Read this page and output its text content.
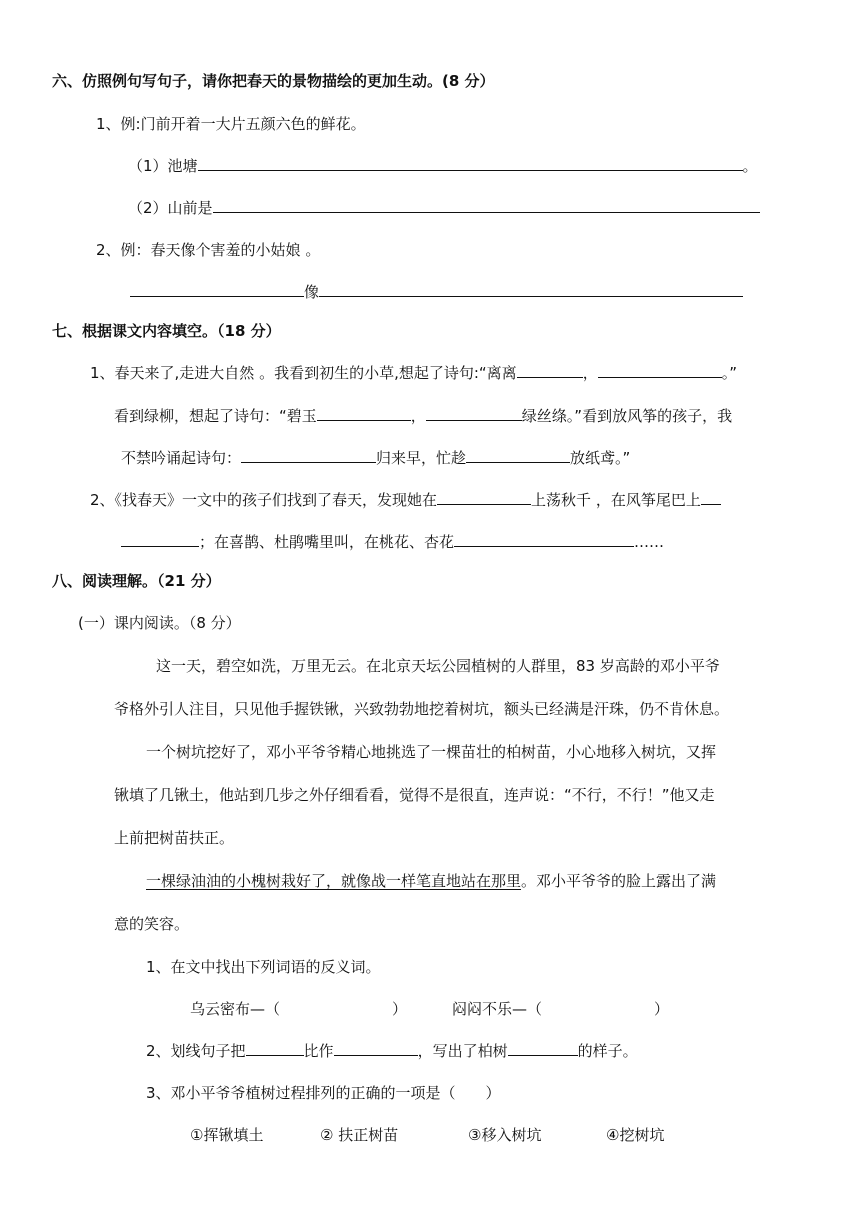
六、仿照例句写句子，请你把春天的景物描绘的更加生动。(8 分）
1、例:门前开着一大片五颜六色的鲜花。
（1）池塘	。
（2）山前是
2、例：春天像个害羞的小姑娘 。
像
七、根据课文内容填空。（18 分）
1、春天来了,走进大自然 。我看到初生的小草,想起了诗句:“离离	，	。”
看到绿柳，想起了诗句：“碧玉	，	绿丝绦。”看到放风筝的孩子，我
不禁吟诵起诗句：	归来早，忙趁	放纸鸢。”
2、《找春天》一文中的孩子们找到了春天，发现她在	上荡秋千 ，在风筝尾巴上
；在喜鹊、杜鹃嘴里叫，在桃花、杏花	……
八、阅读理解。（21 分）
(一）课内阅读。（8 分）
这一天，碧空如洗，万里无云。在北京天坛公园植树的人群里，83 岁高龄的邓小平爷
爷格外引人注目，只见他手握铁锹，兴致勃勃地挖着树坑，额头已经满是汗珠，仍不肯休息。
一个树坑挖好了，邓小平爷爷精心地挑选了一棵苗壮的柏树苗，小心地移入树坑，又挥
锹填了几锹土，他站到几步之外仔细看看，觉得不是很直，连声说：“不行，不行！”他又走
上前把树苗扶正。
一棵绿油油的小槐树栽好了，就像战一样笔直地站在那里。邓小平爷爷的脸上露出了满
意的笑容。
1、在文中找出下列词语的反义词。
乌云密布—（	）	闷闷不乐—（	）
2、划线句子把	比作	，写出了柏树	的样子。
3、邓小平爷爷植树过程排列的正确的一项是（　　）
①挥锹填土	② 扶正树苗	③移入树坑	④挖树坑
